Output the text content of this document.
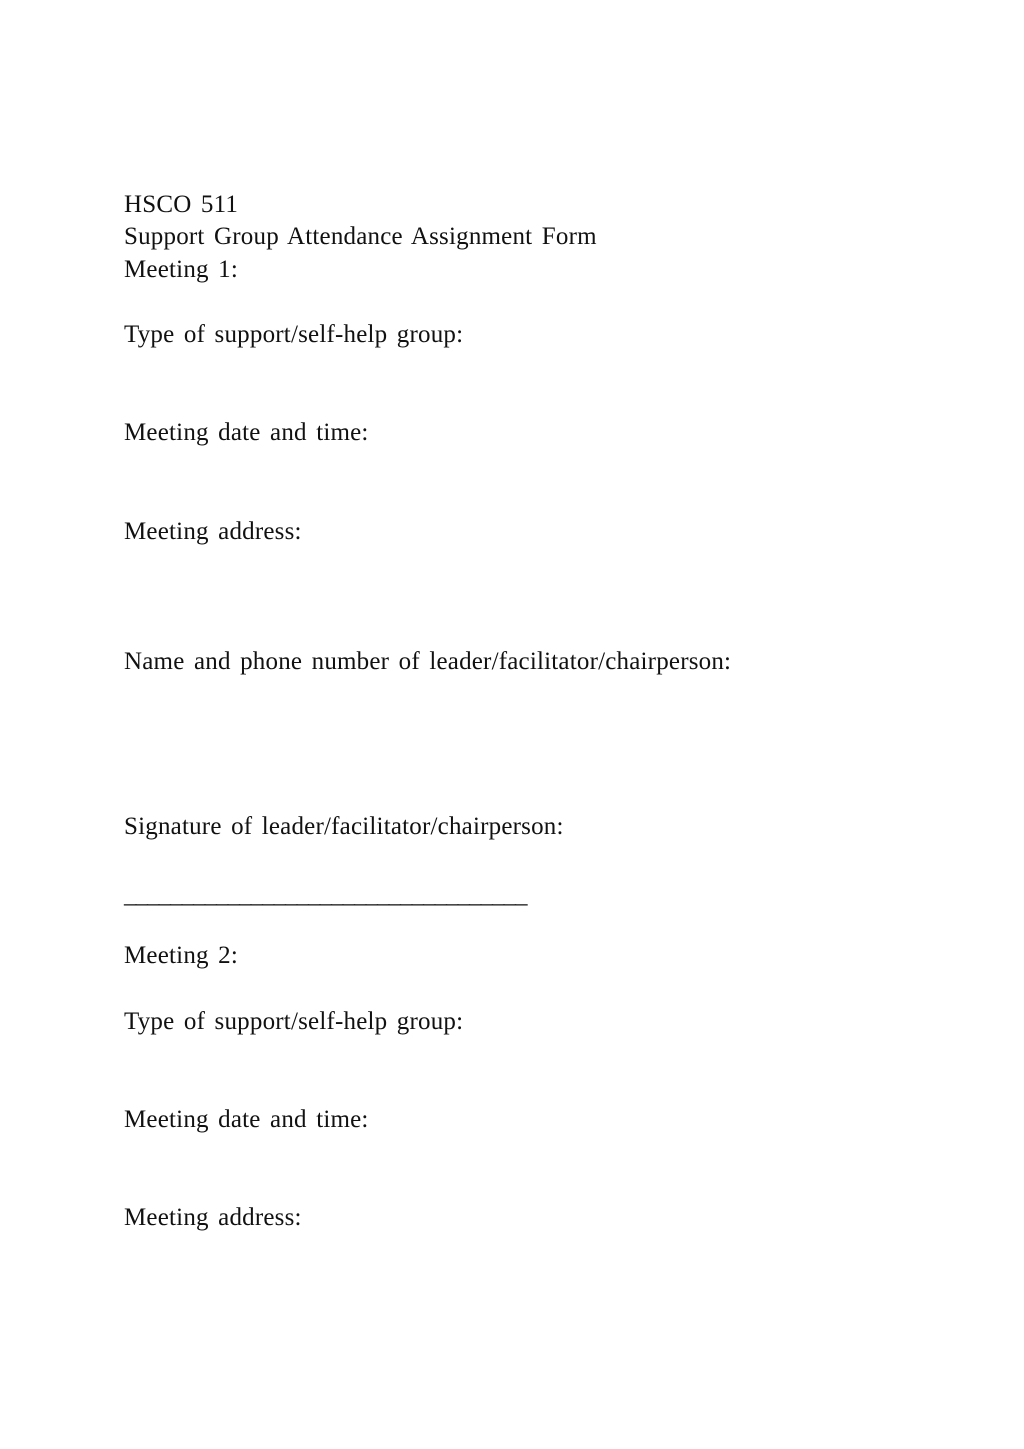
HSCO 511
Support Group Attendance Assignment Form
Meeting 1:
Type of support/self-help group:
Meeting date and time:
Meeting address:
Name and phone number of leader/facilitator/chairperson:
Signature of leader/facilitator/chairperson:
___________________________________
Meeting 2:
Type of support/self-help group:
Meeting date and time:
Meeting address:
